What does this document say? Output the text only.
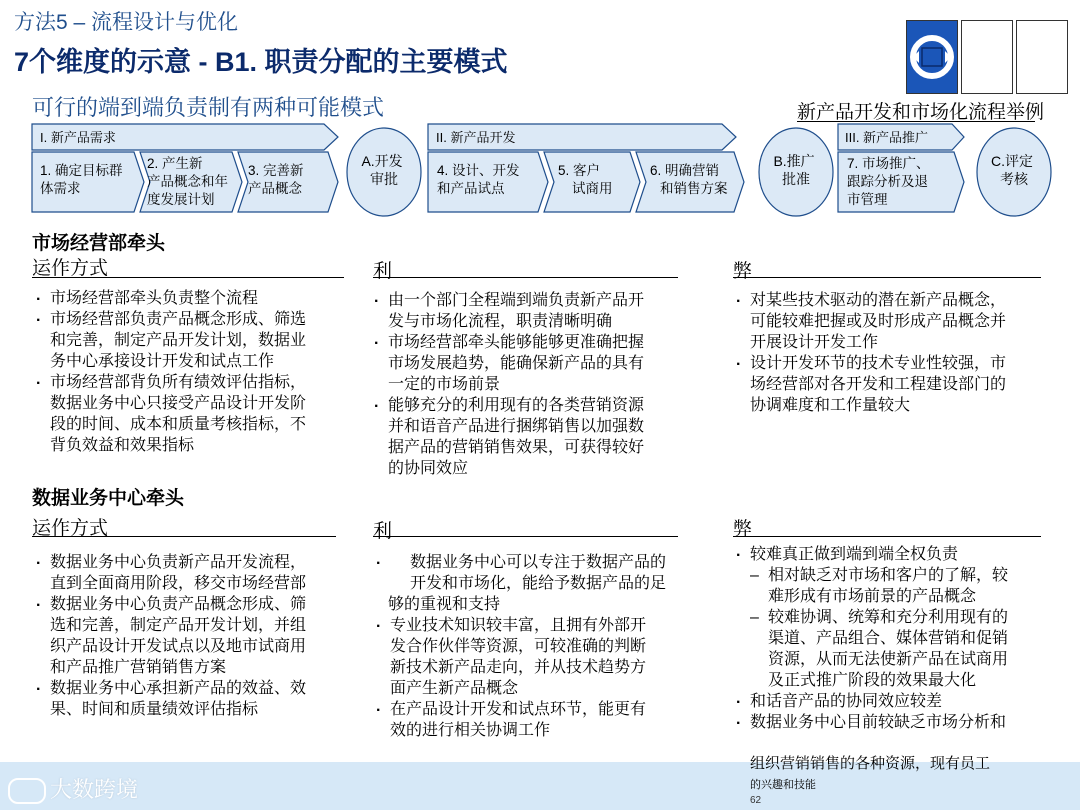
方法5 – 流程设计与优化
7个维度的示意 - B1. 职责分配的主要模式
可行的端到端负责制有两种可能模式	新产品开发和市场化流程举例
I. 新产品需求
1. 确定目标群 体需求
2. 产生新 产品概念和年 度发展计划
3. 完善新 产品概念
A.开发 审批
II. 新产品开发
4. 设计、开发 和产品试点
5. 客户 试商用
6. 明确营销 和销售方案
B.推广 批准
III. 新产品推广
7. 市场推广、 跟踪分析及退 市管理
C.评定 考核
市场经营部牵头
运作方式	利	弊
. 市场经营部牵头负责整个流程
. 市场经营部负责产品概念形成、筛选
和完善，制定产品开发计划，数据业
务中心承接设计开发和试点工作
. 市场经营部背负所有绩效评估指标，
数据业务中心只接受产品设计开发阶
段的时间、成本和质量考核指标，不
背负效益和效果指标
. 由一个部门全程端到端负责新产品开
发与市场化流程，职责清晰明确
. 市场经营部牵头能够能够更准确把握
市场发展趋势，能确保新产品的具有
一定的市场前景
. 能够充分的利用现有的各类营销资源
并和语音产品进行捆绑销售以加强数
据产品的营销销售效果，可获得较好
的协同效应
. 对某些技术驱动的潜在新产品概念，
可能较难把握或及时形成产品概念并
开展设计开发工作
. 设计开发环节的技术专业性较强，市
场经营部对各开发和工程建设部门的
协调难度和工作量较大
数据业务中心牵头
运作方式	利	弊
. 数据业务中心负责新产品开发流程，
直到全面商用阶段，移交市场经营部
. 数据业务中心负责产品概念形成、筛
选和完善，制定产品开发计划，并组
织产品设计开发试点以及地市试商用
和产品推广营销销售方案
. 数据业务中心承担新产品的效益、效
果、时间和质量绩效评估指标
. 数据业务中心可以专注于数据产品的
开发和市场化，能给予数据产品的足
够的重视和支持
. 专业技术知识较丰富，且拥有外部开
发合作伙伴等资源，可较准确的判断
新技术新产品走向，并从技术趋势方
面产生新产品概念
. 在产品设计开发和试点环节，能更有
效的进行相关协调工作
. 较难真正做到端到端全权负责
– 相对缺乏对市场和客户的了解，较
难形成有市场前景的产品概念
– 较难协调、统筹和充分利用现有的
渠道、产品组合、媒体营销和促销
资源，从而无法使新产品在试商用
及正式推广阶段的效果最大化
. 和话音产品的协同效应较差
. 数据业务中心目前较缺乏市场分析和
组织营销销售的各种资源，现有员工
的兴趣和技能
大数跨境	62
